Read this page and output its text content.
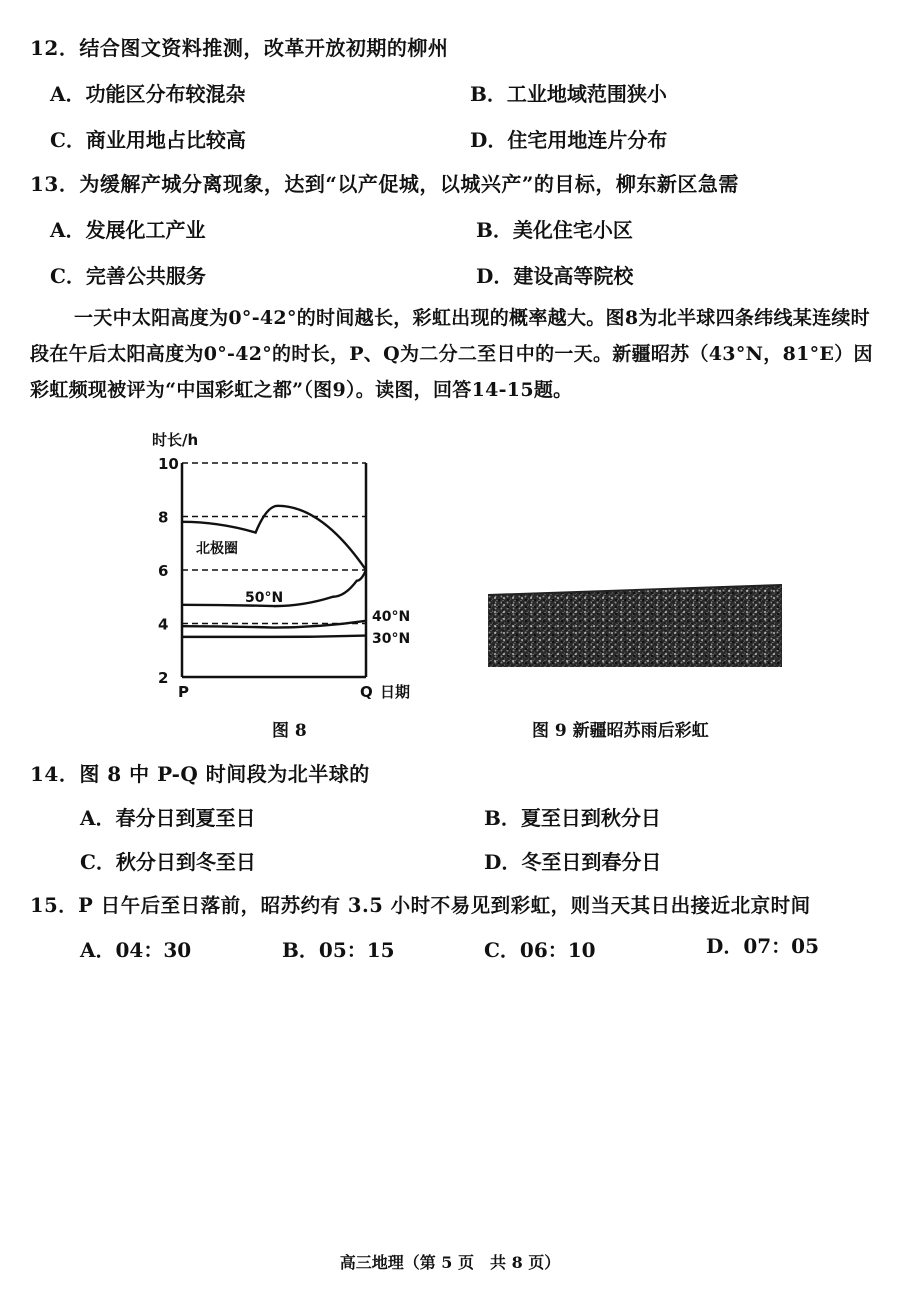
12．结合图文资料推测，改革开放初期的柳州
A．功能区分布较混杂	B．工业地域范围狭小
C．商业用地占比较高	D．住宅用地连片分布
13．为缓解产城分离现象，达到“以产促城，以城兴产”的目标，柳东新区急需
A．发展化工产业	B．美化住宅小区
C．完善公共服务	D．建设高等院校
一天中太阳高度为0°-42°的时间越长，彩虹出现的概率越大。图8为北半球四条纬线某连续时段在午后太阳高度为0°-42°的时长，P、Q为二分二至日中的一天。新疆昭苏（43°N，81°E）因彩虹频现被评为“中国彩虹之都”（图9）。读图，回答14-15题。
时长/h
2
4
6
8
10
北极圈
50°N
40°N
30°N
P	Q 日期
图 8	图 9 新疆昭苏雨后彩虹
14．图 8 中 P-Q 时间段为北半球的
A．春分日到夏至日	B．夏至日到秋分日
C．秋分日到冬至日	D．冬至日到春分日
15．P 日午后至日落前，昭苏约有 3.5 小时不易见到彩虹，则当天其日出接近北京时间
A．04：30	B．05：15	C．06：10	D．07：05
高三地理（第 5 页　共 8 页）
